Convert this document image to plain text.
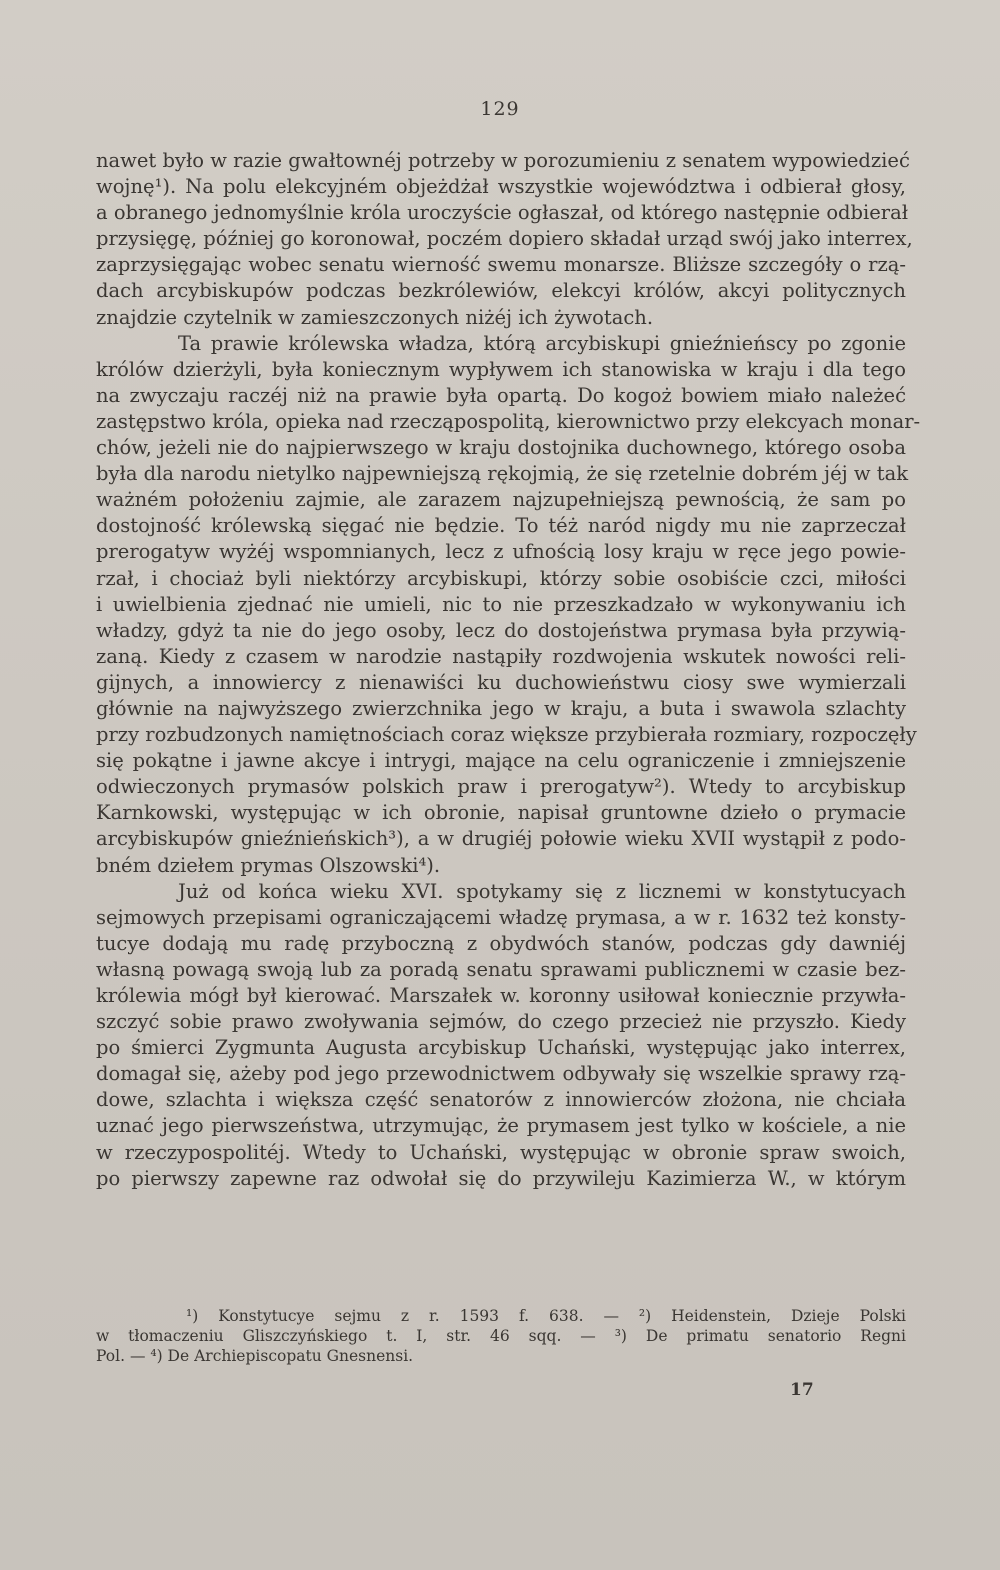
129
nawet było w razie gwałtownéj potrzeby w porozumieniu z senatem wypowiedzieć
wojnę¹). Na polu elekcyjném objeżdżał wszystkie województwa i odbierał głosy,
a obranego jednomyślnie króla uroczyście ogłaszał, od którego następnie odbierał
przysięgę, później go koronował, poczém dopiero składał urząd swój jako interrex,
zaprzysięgając wobec senatu wierność swemu monarsze. Bliższe szczegóły o rzą-
dach arcybiskupów podczas bezkrólewiów, elekcyi królów, akcyi politycznych
znajdzie czytelnik w zamieszczonych niżéj ich żywotach.
Ta prawie królewska władza, którą arcybiskupi gnieźnieńscy po zgonie
królów dzierżyli, była koniecznym wypływem ich stanowiska w kraju i dla tego
na zwyczaju raczéj niż na prawie była opartą. Do kogoż bowiem miało należeć
zastępstwo króla, opieka nad rzecząpospolitą, kierownictwo przy elekcyach monar-
chów, jeżeli nie do najpierwszego w kraju dostojnika duchownego, którego osoba
była dla narodu nietylko najpewniejszą rękojmią, że się rzetelnie dobrém jéj w tak
ważném położeniu zajmie, ale zarazem najzupełniejszą pewnością, że sam po
dostojność królewską sięgać nie będzie. To téż naród nigdy mu nie zaprzeczał
prerogatyw wyżéj wspomnianych, lecz z ufnością losy kraju w ręce jego powie-
rzał, i chociaż byli niektórzy arcybiskupi, którzy sobie osobiście czci, miłości
i uwielbienia zjednać nie umieli, nic to nie przeszkadzało w wykonywaniu ich
władzy, gdyż ta nie do jego osoby, lecz do dostojeństwa prymasa była przywią-
zaną. Kiedy z czasem w narodzie nastąpiły rozdwojenia wskutek nowości reli-
gijnych, a innowiercy z nienawiści ku duchowieństwu ciosy swe wymierzali
głównie na najwyższego zwierzchnika jego w kraju, a buta i swawola szlachty
przy rozbudzonych namiętnościach coraz większe przybierała rozmiary, rozpoczęły
się pokątne i jawne akcye i intrygi, mające na celu ograniczenie i zmniejszenie
odwieczonych prymasów polskich praw i prerogatyw²). Wtedy to arcybiskup
Karnkowski, występując w ich obronie, napisał gruntowne dzieło o prymacie
arcybiskupów gnieźnieńskich³), a w drugiéj połowie wieku XVII wystąpił z podo-
bném dziełem prymas Olszowski⁴).
Już od końca wieku XVI. spotykamy się z licznemi w konstytucyach
sejmowych przepisami ograniczającemi władzę prymasa, a w r. 1632 też konsty-
tucye dodają mu radę przyboczną z obydwóch stanów, podczas gdy dawniéj
własną powagą swoją lub za poradą senatu sprawami publicznemi w czasie bez-
królewia mógł był kierować. Marszałek w. koronny usiłował koniecznie przywła-
szczyć sobie prawo zwoływania sejmów, do czego przecież nie przyszło. Kiedy
po śmierci Zygmunta Augusta arcybiskup Uchański, występując jako interrex,
domagał się, ażeby pod jego przewodnictwem odbywały się wszelkie sprawy rzą-
dowe, szlachta i większa część senatorów z innowierców złożona, nie chciała
uznać jego pierwszeństwa, utrzymując, że prymasem jest tylko w kościele, a nie
w rzeczypospolitéj. Wtedy to Uchański, występując w obronie spraw swoich,
po pierwszy zapewne raz odwołał się do przywileju Kazimierza W., w którym
¹) Konstytucye sejmu z r. 1593 f. 638. — ²) Heidenstein, Dzieje Polski
w tłomaczeniu Gliszczyńskiego t. I, str. 46 sqq. — ³) De primatu senatorio Regni
Pol. — ⁴) De Archiepiscopatu Gnesnensi.
17
